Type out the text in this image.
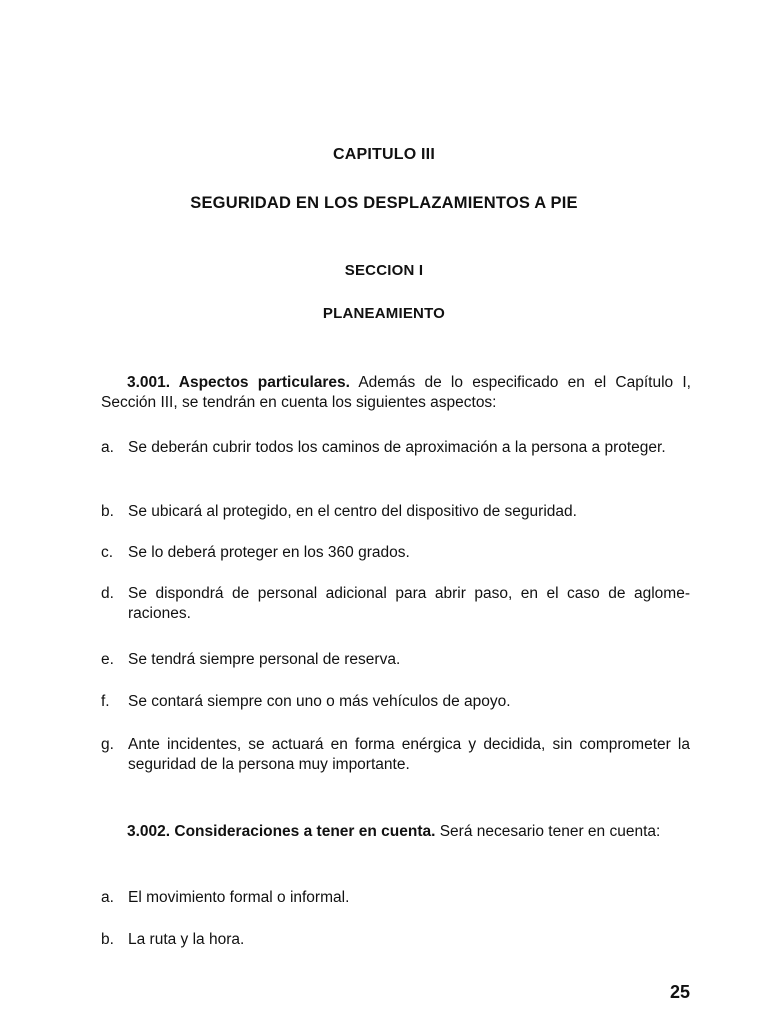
CAPITULO III
SEGURIDAD EN LOS DESPLAZAMIENTOS A PIE
SECCION I
PLANEAMIENTO
3.001. Aspectos particulares. Además de lo especificado en el Capítulo I, Sección III, se tendrán en cuenta los siguientes aspectos:
a. Se deberán cubrir todos los caminos de aproximación a la persona a proteger.
b. Se ubicará al protegido, en el centro del dispositivo de seguridad.
c. Se lo deberá proteger en los 360 grados.
d. Se dispondrá de personal adicional para abrir paso, en el caso de aglome-raciones.
e. Se tendrá siempre personal de reserva.
f.	Se contará siempre con uno o más vehículos de apoyo.
g. Ante incidentes, se actuará en forma enérgica y decidida, sin comprometer la seguridad de la persona muy importante.
3.002. Consideraciones a tener en cuenta. Será necesario tener en cuenta:
a. El movimiento formal o informal.
b. La ruta y la hora.
25
